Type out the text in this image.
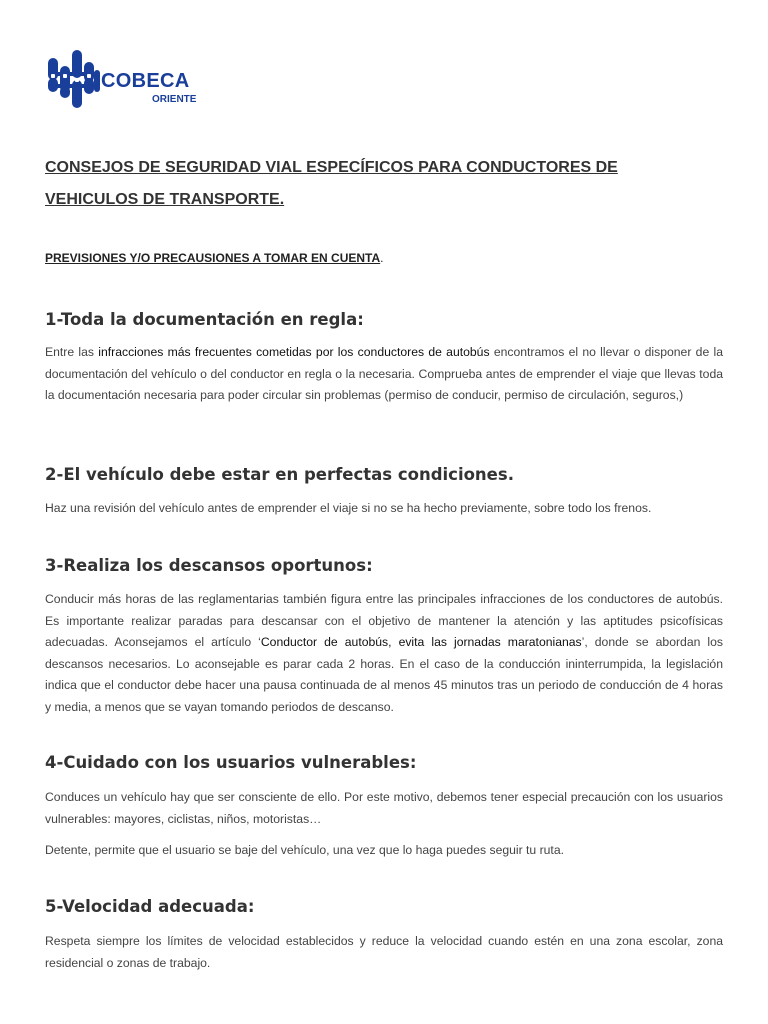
COBECA
ORIENTE
CONSEJOS DE SEGURIDAD VIAL ESPECÍFICOS PARA CONDUCTORES DE
VEHICULOS DE TRANSPORTE.
PREVISIONES Y/O PRECAUSIONES A TOMAR EN CUENTA.
1-Toda la documentación en regla:

Entre las infracciones más frecuentes cometidas por los conductores de autobús encontramos el no llevar o disponer de la documentación del vehículo o del conductor en regla o la necesaria. Comprueba antes de emprender el viaje que llevas toda la documentación necesaria para poder circular sin problemas (permiso de conducir, permiso de circulación, seguros,)

2-El vehículo debe estar en perfectas condiciones.

Haz una revisión del vehículo antes de emprender el viaje si no se ha hecho previamente, sobre todo los frenos.

3-Realiza los descansos oportunos:

Conducir más horas de las reglamentarias también figura entre las principales infracciones de los conductores de autobús. Es importante realizar paradas para descansar con el objetivo de mantener la atención y las aptitudes psicofísicas adecuadas. Aconsejamos el artículo ‘Conductor de autobús, evita las jornadas maratonianas’, donde se abordan los descansos necesarios. Lo aconsejable es parar cada 2 horas. En el caso de la conducción ininterrumpida, la legislación indica que el conductor debe hacer una pausa continuada de al menos 45 minutos tras un periodo de conducción de 4 horas y media, a menos que se vayan tomando periodos de descanso.

4-Cuidado con los usuarios vulnerables:

Conduces un vehículo hay que ser consciente de ello. Por este motivo, debemos tener especial precaución con los usuarios vulnerables: mayores, ciclistas, niños, motoristas…

Detente, permite que el usuario se baje del vehículo, una vez que lo haga puedes seguir tu ruta.

5-Velocidad adecuada:

Respeta siempre los límites de velocidad establecidos y reduce la velocidad cuando estén en una zona escolar, zona residencial o zonas de trabajo.
